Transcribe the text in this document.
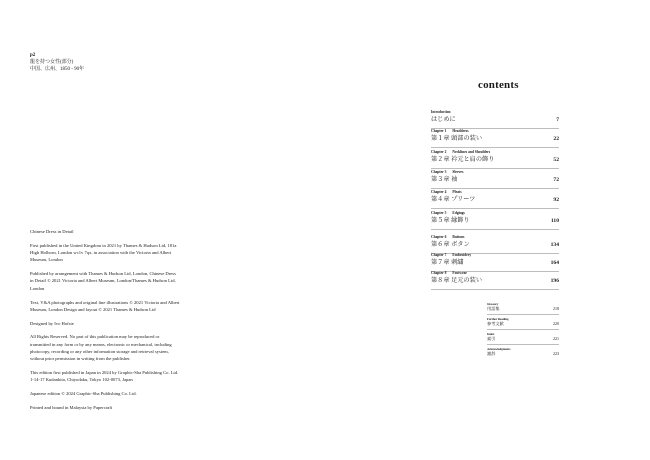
p2
龍を持つ女性(部分)
中国、広州、1850 - 90年

Chinese Dress in Detail

First published in the United Kingdom in 2021 by Thames & Hudson Ltd, 181a High Holborn, London wc1v 7qx, in association with the Victoria and Albert Museum, London

Published by arrangement with Thames & Hudson Ltd, London, Chinese Dress in Detail © 2021 Victoria and Albert Museum, London/Thames & Hudson Ltd, London

Text, V&A photographs and original line illustrations © 2021 Victoria and Albert Museum, London Design and layout © 2021 Thames & Hudson Ltd

Designed by Ivo Hofste

All Rights Reserved. No part of this publication may be reproduced or transmitted in any form or by any means, electronic or mechanical, including photocopy, recording or any other information storage and retrieval system, without prior permission in writing from the publisher.

This edition first published in Japan in 2024 by Graphic-Sha Publishing Co. Ltd. 1-14-17 Kudankita, Chiyodaku, Tokyo 102-0073, Japan

Japanese edition © 2024 Graphic-Sha Publishing Co. Ltd.

Printed and bound in Malaysia by Papercraft

contents
Introduction
はじめに	7
Chapter 1 Headdress
第１章 頭部の装い	22
Chapter 2 Necklines and Shoulders
第２章 衿元と肩の飾り	52
Chapter 3 Sleeves
第３章 袖	72
Chapter 4 Pleats
第４章 プリーツ	92
Chapter 5 Edgings
第５章 縁飾り	110
Chapter 6 Buttons
第６章 ボタン	134
Chapter 7 Embroidery
第７章 刺繍	164
Chapter 8 Footwear
第８章 足元の装い	196
Glossary
用語集	218
Further Reading
参考文献	220
Index
索引	221
Acknowledgments
謝辞	223
